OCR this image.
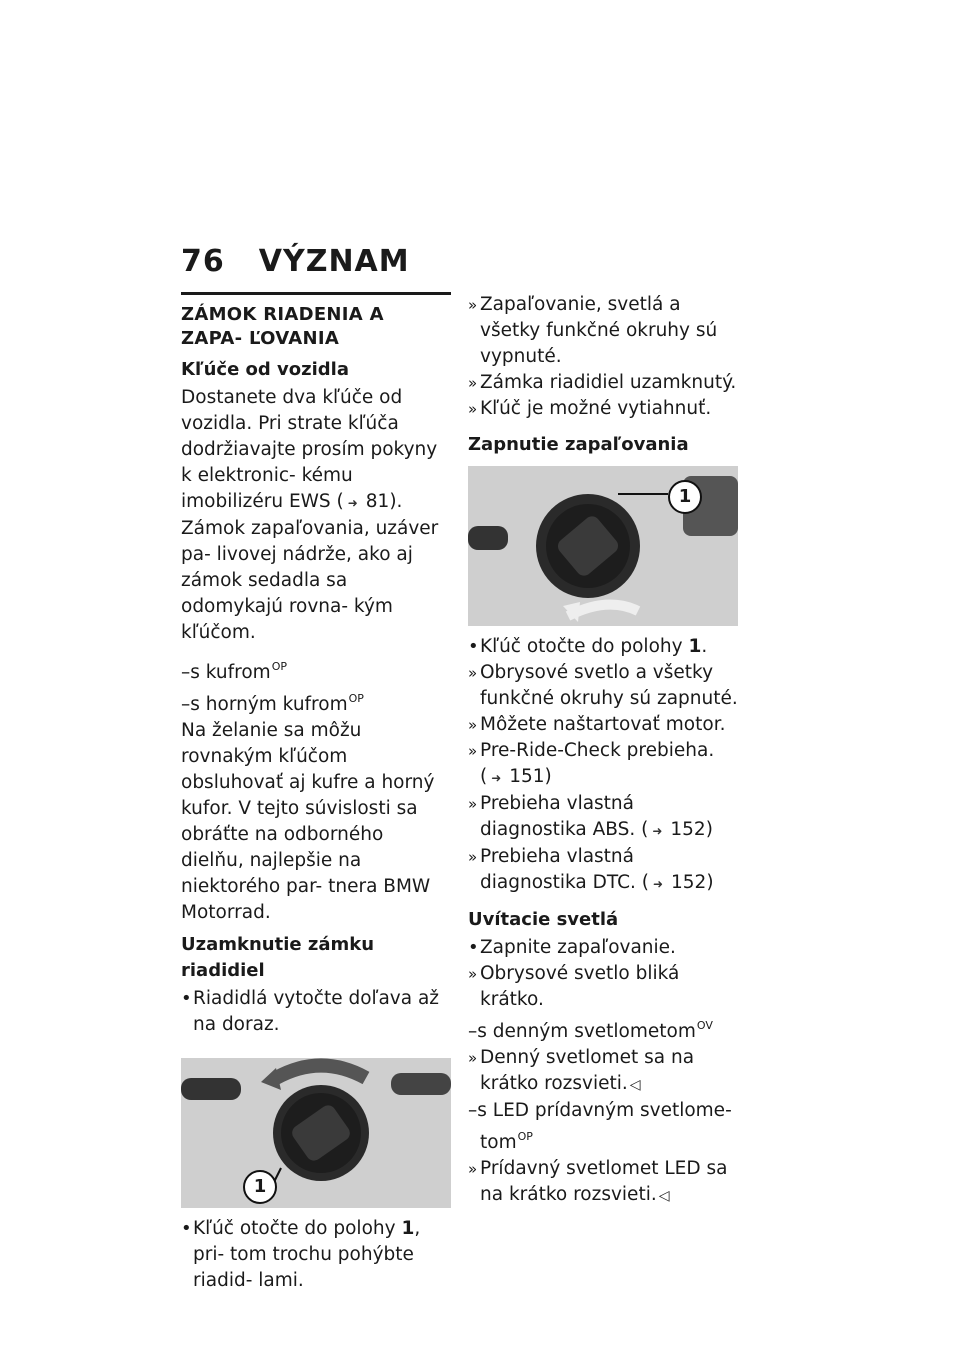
76 VÝZNAM
ZÁMOK RIADENIA A ZAPA- ĽOVANIA
Kľúče od vozidla

Dostanete dva kľúče od vozidla. Pri strate kľúča dodržiavajte prosím pokyny k elektronic- kému imobilizéru EWS ( ➜ 81).

Zámok zapaľovania, uzáver pa- livovej nádrže, ako aj zámok sedadla sa odomykajú rovna- kým kľúčom.

–s kufrom$^{OP}$

–s horným kufrom$^{OP}$

Na želanie sa môžu rovnakým kľúčom obsluhovať aj kufre a horný kufor. V tejto súvislosti sa obráťte na odborného dielňu, najlepšie na niektorého par- tnera BMW Motorrad.

Uzamknutie zámku riadidiel
•
Riadidlá vytočte doľava až na doraz.
1
•
Kľúč otočte do polohy 1, pri- tom trochu pohýbte riadid- lami.
»
Zapaľovanie, svetlá a všetky funkčné okruhy sú vypnuté.
»
Zámka riadidiel uzamknutý.
»
Kľúč je možné vytiahnuť.
Zapnutie zapaľovania
1
•
Kľúč otočte do polohy 1.
»
Obrysové svetlo a všetky funkčné okruhy sú zapnuté.
»
Môžete naštartovať motor.
»
Pre-Ride-Check prebieha.
( ➜ 151)
»
Prebieha vlastná diagnostika ABS. ( ➜ 152)
»
Prebieha vlastná diagnostika DTC. ( ➜ 152)
Uvítacie svetlá
•
Zapnite zapaľovanie.
»
Obrysové svetlo bliká krátko.

–s denným svetlometom$^{OV}$

»
Denný svetlomet sa na krátko rozsvieti. ◁

–s LED prídavným svetlome- tom$^{OP}$

»
Prídavný svetlomet LED sa na krátko rozsvieti. ◁
